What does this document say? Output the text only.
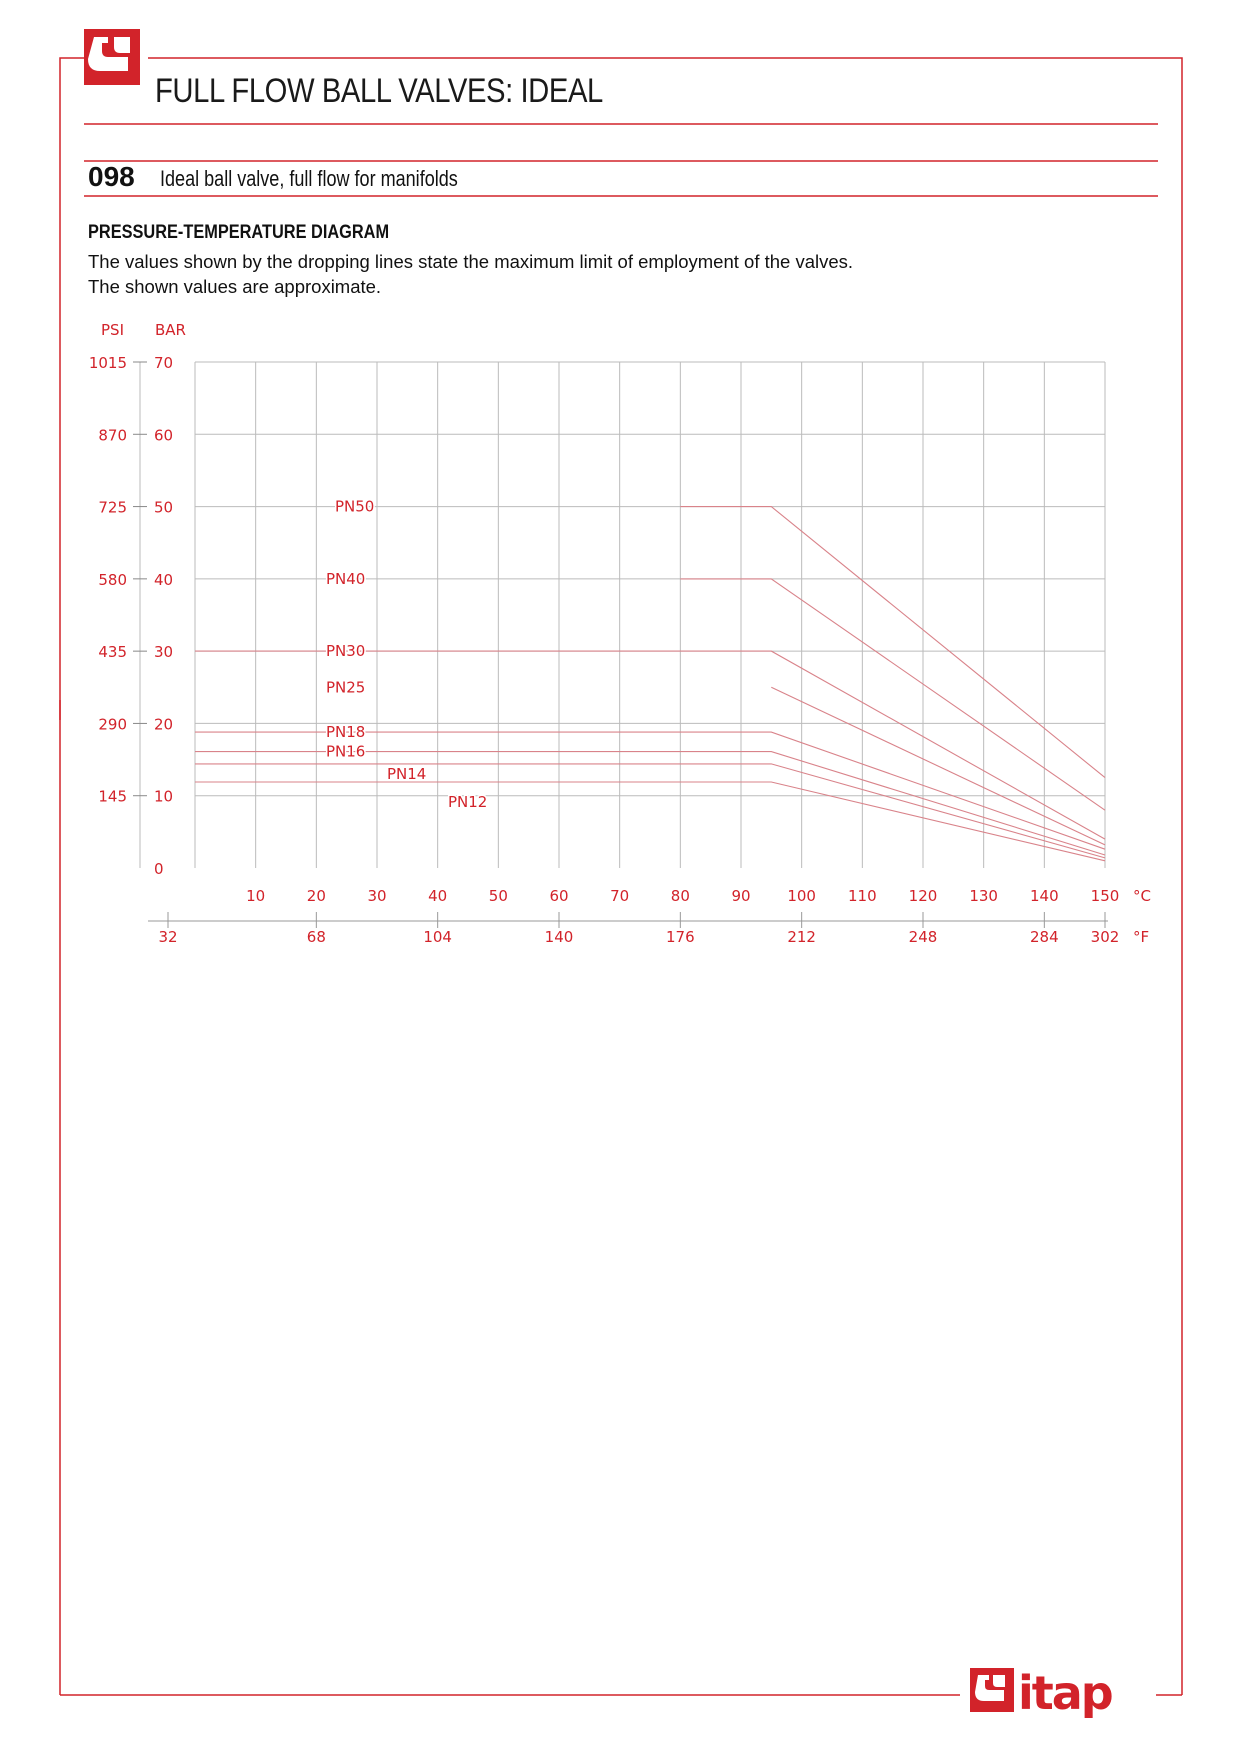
FULL FLOW BALL VALVES: IDEAL
098 Ideal ball valve, full flow for manifolds
PRESSURE-TEMPERATURE DIAGRAM
The values shown by the dropping lines state the maximum limit of employment of the valves.
The shown values are approximate.
0
10
20
30
40
50
60
70
145
290
435
580
725
870
1015
PSI BAR
10	20	30	40	50	60	70	80	90 100 110 120 130 140 150 °C
32	68	104	140	176	212	248	284 302 °F
PN50
PN40
PN30
PN25
PN18
PN16
PN14
PN12
itap
